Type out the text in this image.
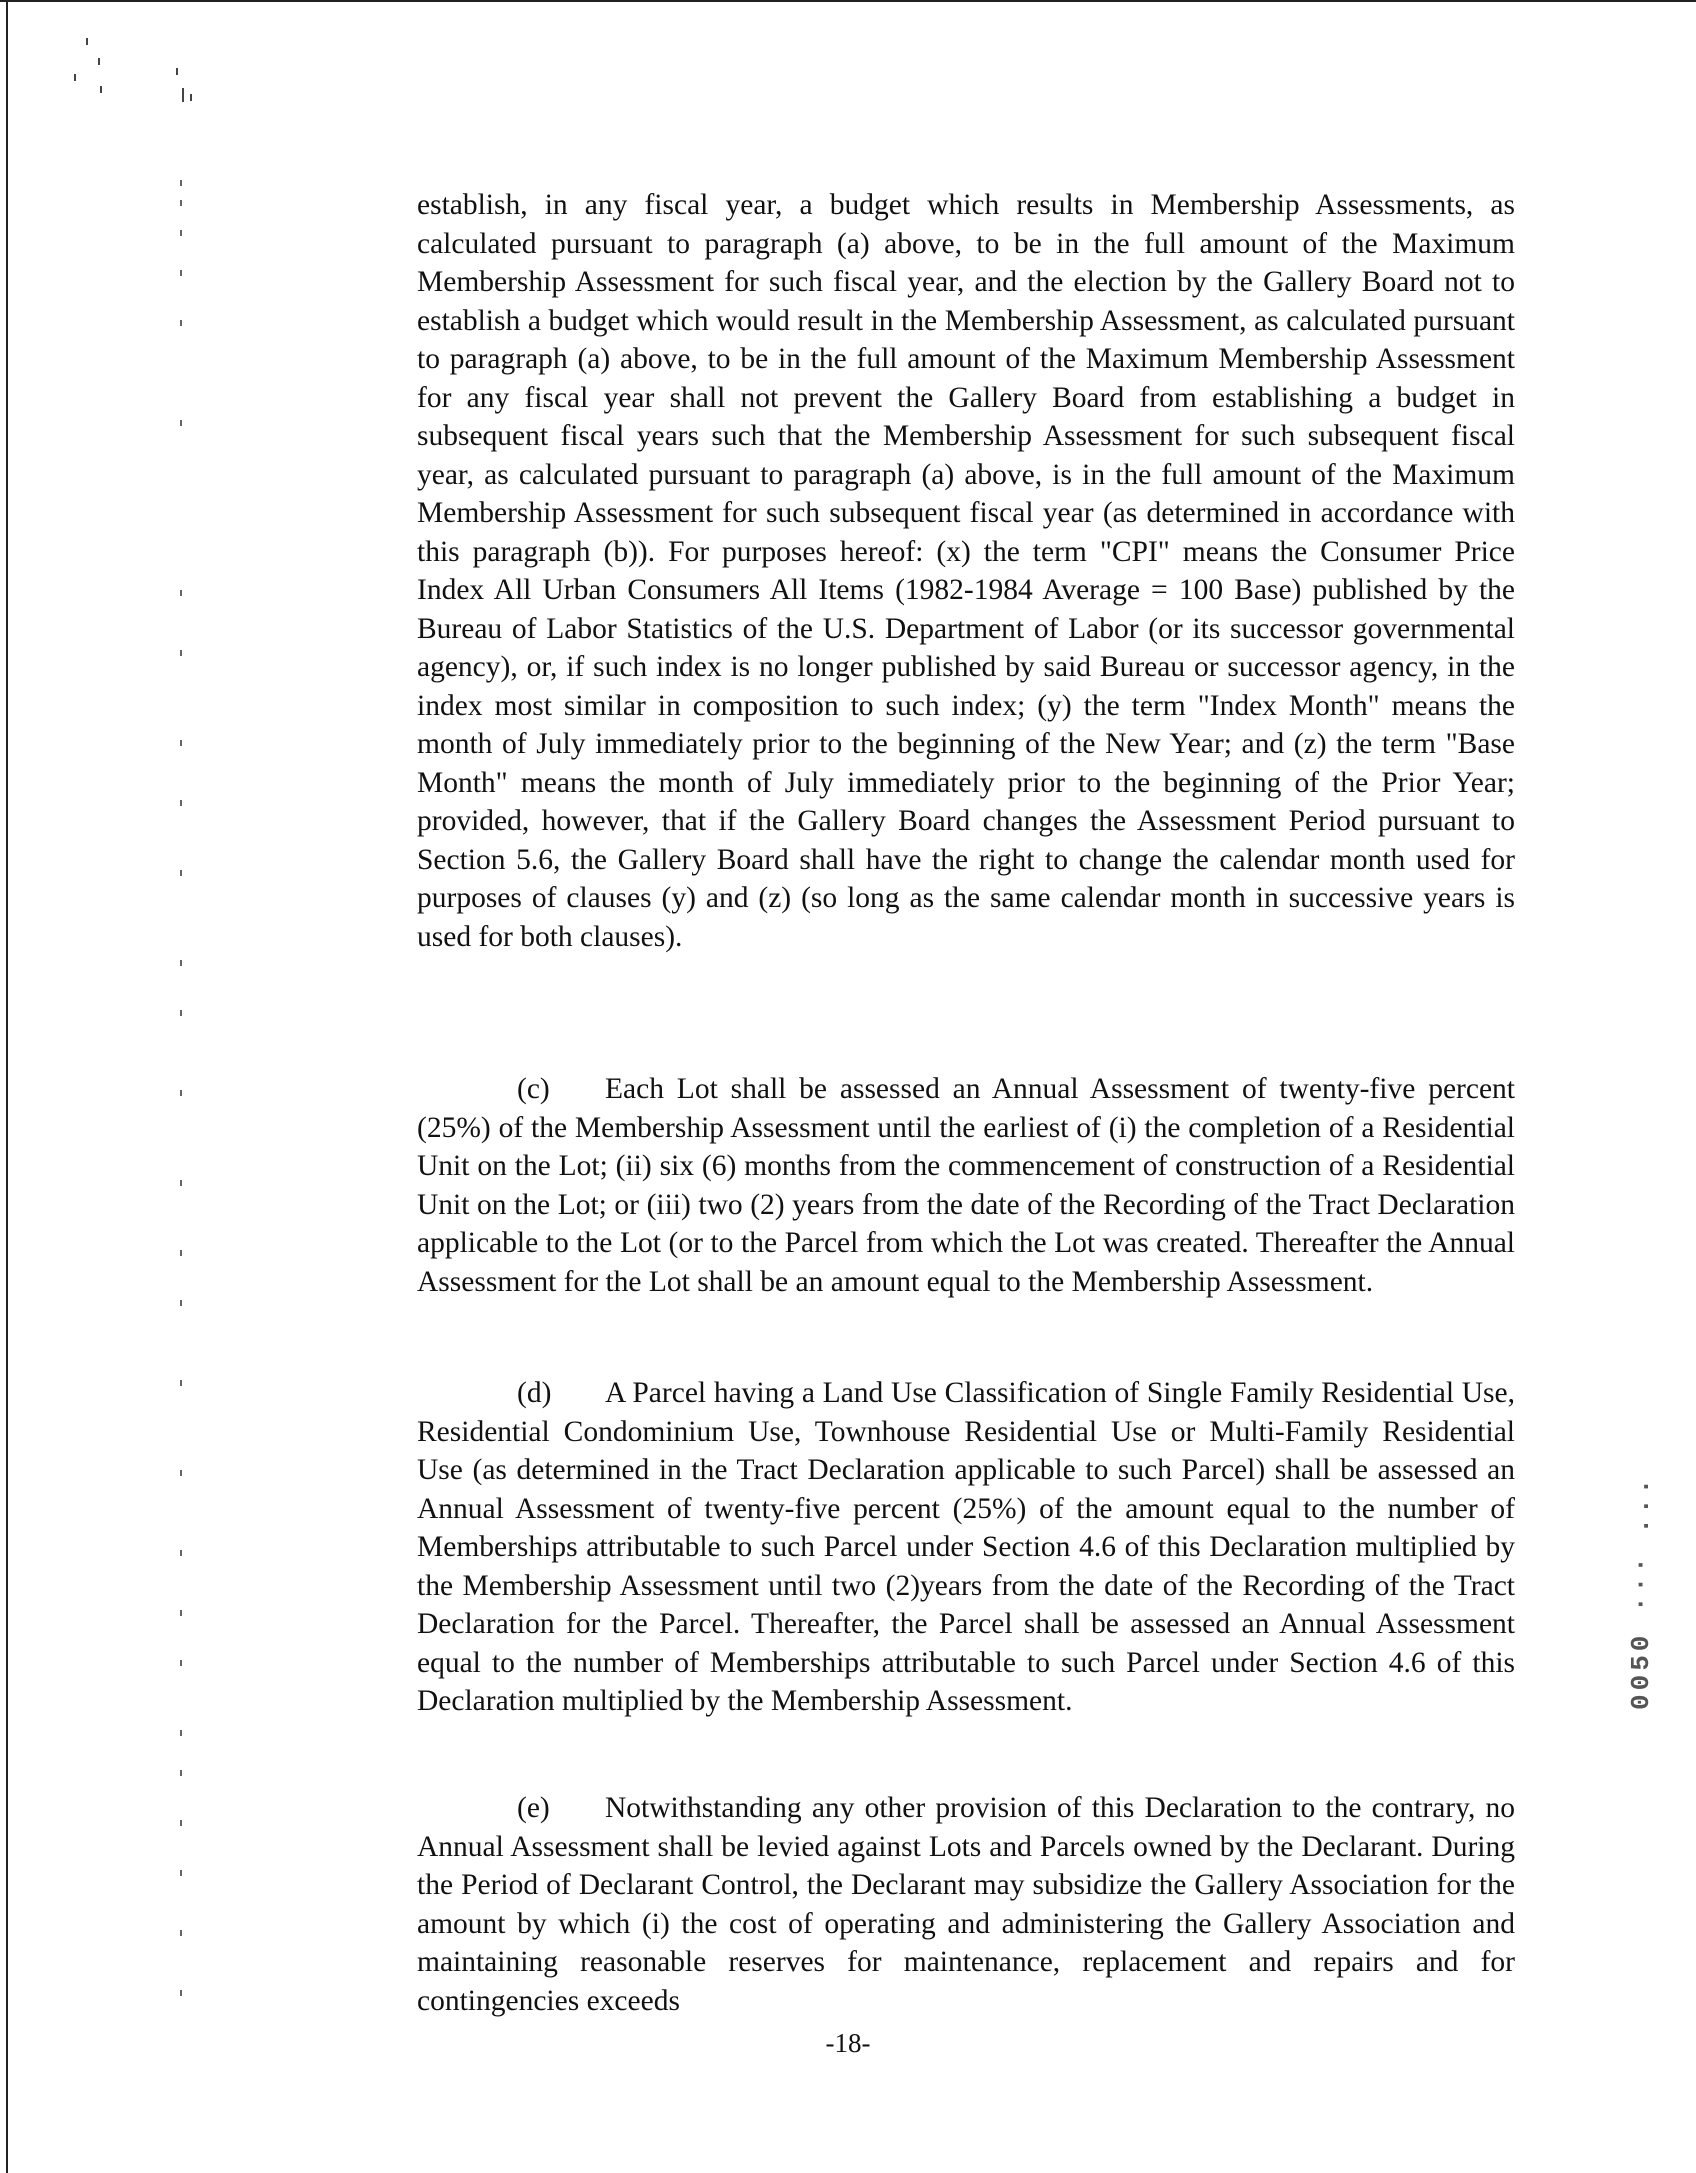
establish, in any fiscal year, a budget which results in Membership Assessments, as calculated pursuant to paragraph (a) above, to be in the full amount of the Maximum Membership Assessment for such fiscal year, and the election by the Gallery Board not to establish a budget which would result in the Membership Assessment, as calculated pursuant to paragraph (a) above, to be in the full amount of the Maximum Membership Assessment for any fiscal year shall not prevent the Gallery Board from establishing a budget in subsequent fiscal years such that the Membership Assessment for such subsequent fiscal year, as calculated pursuant to paragraph (a) above, is in the full amount of the Maximum Membership Assessment for such subsequent fiscal year (as determined in accordance with this paragraph (b)). For purposes hereof: (x) the term "CPI" means the Consumer Price Index All Urban Consumers All Items (1982-1984 Average = 100 Base) published by the Bureau of Labor Statistics of the U.S. Department of Labor (or its successor governmental agency), or, if such index is no longer published by said Bureau or successor agency, in the index most similar in composition to such index; (y) the term "Index Month" means the month of July immediately prior to the beginning of the New Year; and (z) the term "Base Month" means the month of July immediately prior to the beginning of the Prior Year; provided, however, that if the Gallery Board changes the Assessment Period pursuant to Section 5.6, the Gallery Board shall have the right to change the calendar month used for purposes of clauses (y) and (z) (so long as the same calendar month in successive years is used for both clauses).

(c) Each Lot shall be assessed an Annual Assessment of twenty-five percent (25%) of the Membership Assessment until the earliest of (i) the completion of a Residential Unit on the Lot; (ii) six (6) months from the commencement of construction of a Residential Unit on the Lot; or (iii) two (2) years from the date of the Recording of the Tract Declaration applicable to the Lot (or to the Parcel from which the Lot was created. Thereafter the Annual Assessment for the Lot shall be an amount equal to the Membership Assessment.

(d) A Parcel having a Land Use Classification of Single Family Residential Use, Residential Condominium Use, Townhouse Residential Use or Multi-Family Residential Use (as determined in the Tract Declaration applicable to such Parcel) shall be assessed an Annual Assessment of twenty-five percent (25%) of the amount equal to the number of Memberships attributable to such Parcel under Section 4.6 of this Declaration multiplied by the Membership Assessment until two (2)years from the date of the Recording of the Tract Declaration for the Parcel. Thereafter, the Parcel shall be assessed an Annual Assessment equal to the number of Memberships attributable to such Parcel under Section 4.6 of this Declaration multiplied by the Membership Assessment.

(e) Notwithstanding any other provision of this Declaration to the contrary, no Annual Assessment shall be levied against Lots and Parcels owned by the Declarant. During the Period of Declarant Control, the Declarant may subsidize the Gallery Association for the amount by which (i) the cost of operating and administering the Gallery Association and maintaining reasonable reserves for maintenance, replacement and repairs and for contingencies exceeds

0050 ··· ...
-18-
